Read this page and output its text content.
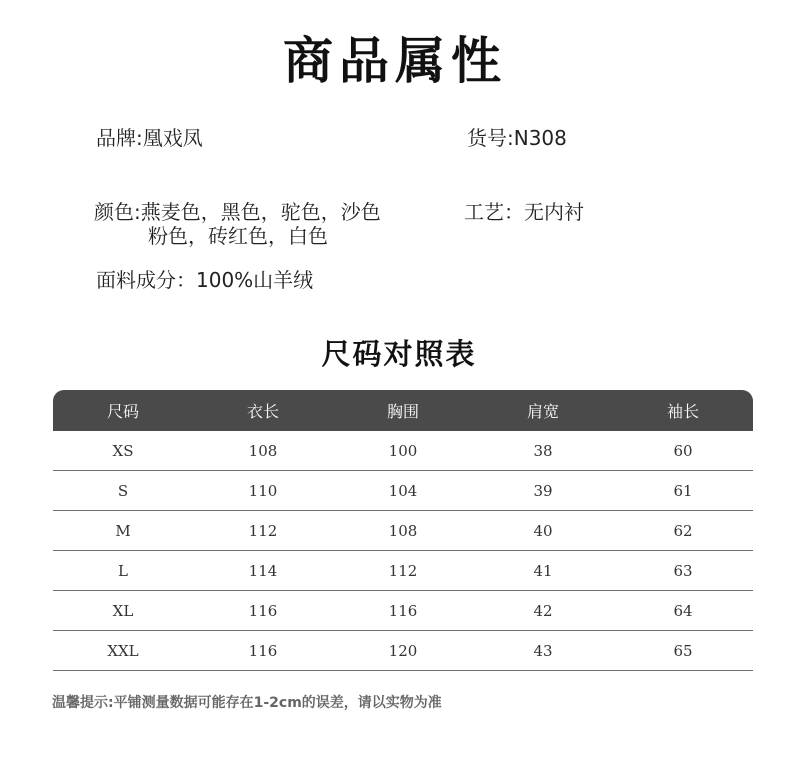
商品属性
品牌:凰戏凤	货号:N308
颜色:燕麦色，黑色，驼色，沙色
粉色，砖红色，白色
工艺：无内衬
面料成分：100%山羊绒
尺码对照表
尺码	衣长	胸围	肩宽	袖长
XS	108	100	38	60
S	110	104	39	61
M	112	108	40	62
L	114	112	41	63
XL	116	116	42	64
XXL	116	120	43	65
温馨提示:平铺测量数据可能存在1-2cm的误差，请以实物为准
